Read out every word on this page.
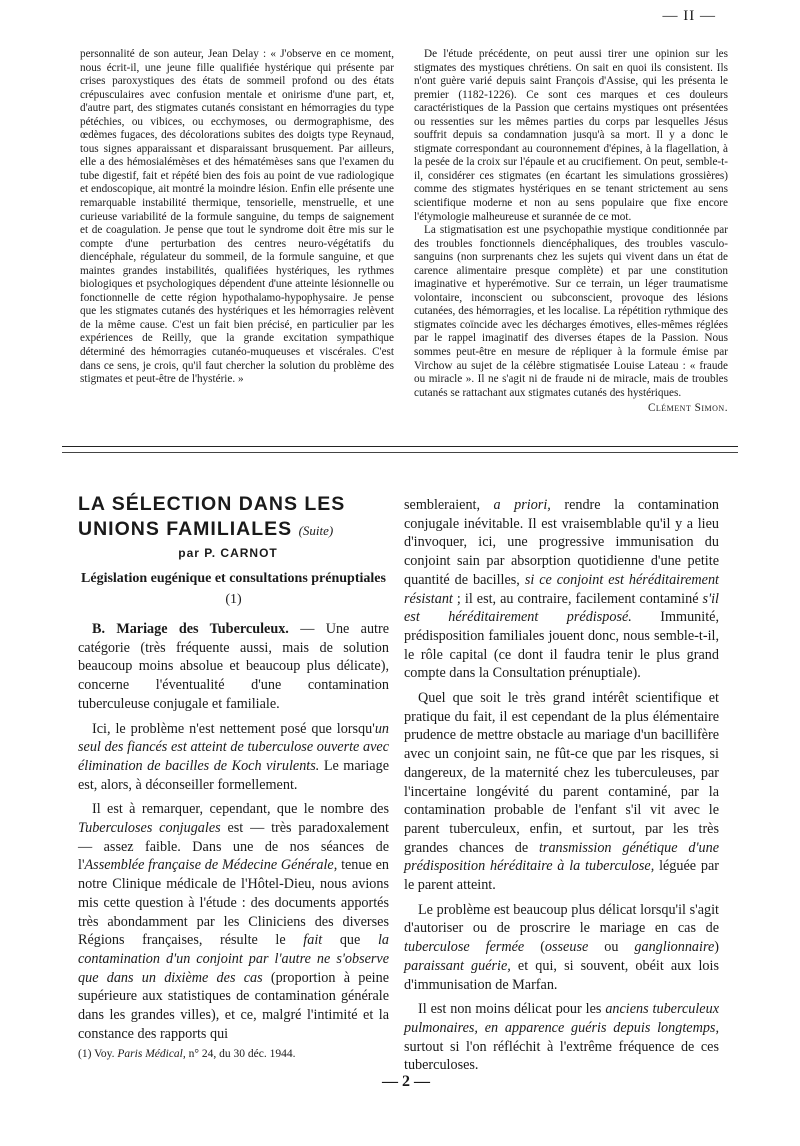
— II —

personnalité de son auteur, Jean Delay : « J'observe en ce moment, nous écrit-il, une jeune fille qualifiée hystérique qui présente par crises paroxystiques des états de sommeil profond ou des états crépusculaires avec confusion mentale et onirisme d'une part, et, d'autre part, des stigmates cutanés consistant en hémorragies du type pétéchies, ou vibices, ou ecchymoses, ou dermographisme, des œdèmes fugaces, des décolorations subites des doigts type Reynaud, tous signes apparaissant et disparaissant brusquement. Par ailleurs, elle a des hémosialémèses et des hématémèses sans que l'examen du tube digestif, fait et répété bien des fois au point de vue radiologique et endoscopique, ait montré la moindre lésion. Enfin elle présente une remarquable instabilité thermique, tensorielle, menstruelle, et une curieuse variabilité de la formule sanguine, du temps de saignement et de coagulation. Je pense que tout le syndrome doit être mis sur le compte d'une perturbation des centres neuro-végétatifs du diencéphale, régulateur du sommeil, de la formule sanguine, et que maintes grandes instabilités, qualifiées hystériques, les rythmes biologiques et psychologiques dépendent d'une atteinte lésionnelle ou fonctionnelle de cette région hypothalamo-hypophysaire. Je pense que les stigmates cutanés des hystériques et les hémorragies relèvent de la même cause. C'est un fait bien précisé, en particulier par les expériences de Reilly, que la grande excitation sympathique déterminé des hémorragies cutanéo-muqueuses et viscérales. C'est dans ce sens, je crois, qu'il faut chercher la solution du problème des stigmates et peut-être de l'hystérie. »

De l'étude précédente, on peut aussi tirer une opinion sur les stigmates des mystiques chrétiens. On sait en quoi ils consistent. Ils n'ont guère varié depuis saint François d'Assise, qui les présenta le premier (1182-1226). Ce sont ces marques et ces douleurs caractéristiques de la Passion que certains mystiques ont présentées ou ressenties sur les mêmes parties du corps par lesquelles Jésus souffrit depuis sa condamnation jusqu'à sa mort. Il y a donc le stigmate correspondant au couronnement d'épines, à la flagellation, à la pesée de la croix sur l'épaule et au crucifiement. On peut, semble-t-il, considérer ces stigmates (en écartant les simulations grossières) comme des stigmates hystériques en se tenant strictement au sens scientifique moderne et non au sens populaire que fixe encore l'étymologie malheureuse et surannée de ce mot.

La stigmatisation est une psychopathie mystique conditionnée par des troubles fonctionnels diencéphaliques, des troubles vasculo-sanguins (non surprenants chez les sujets qui vivent dans un état de carence alimentaire presque complète) et par une constitution imaginative et hyperémotive. Sur ce terrain, un léger traumatisme volontaire, inconscient ou subconscient, provoque des lésions cutanées, des hémorragies, et les localise. La répétition rythmique des stigmates coïncide avec les décharges émotives, elles-mêmes réglées par le rappel imaginatif des diverses étapes de la Passion. Nous sommes peut-être en mesure de répliquer à la formule émise par Virchow au sujet de la célèbre stigmatisée Louise Lateau : « fraude ou miracle ». Il ne s'agit ni de fraude ni de miracle, mais de troubles cutanés se rattachant aux stigmates cutanés des hystériques.

Clément Simon.
LA SÉLECTION DANS LES UNIONS FAMILIALES (Suite)
par P. CARNOT
Législation eugénique et consultations prénuptiales (1)

B. Mariage des Tuberculeux. — Une autre catégorie (très fréquente aussi, mais de solution beaucoup moins absolue et beaucoup plus délicate), concerne l'éventualité d'une contamination tuberculeuse conjugale et familiale.

Ici, le problème n'est nettement posé que lorsqu'un seul des fiancés est atteint de tuberculose ouverte avec élimination de bacilles de Koch virulents. Le mariage est, alors, à déconseiller formellement.

Il est à remarquer, cependant, que le nombre des Tuberculoses conjugales est — très paradoxalement — assez faible. Dans une de nos séances de l'Assemblée française de Médecine Générale, tenue en notre Clinique médicale de l'Hôtel-Dieu, nous avions mis cette question à l'étude : des documents apportés très abondamment par les Cliniciens des diverses Régions françaises, résulte le fait que la contamination d'un conjoint par l'autre ne s'observe que dans un dixième des cas (proportion à peine supérieure aux statistiques de contamination générale dans les grandes villes), et ce, malgré l'intimité et la constance des rapports qui

sembleraient, a priori, rendre la contamination conjugale inévitable. Il est vraisemblable qu'il y a lieu d'invoquer, ici, une progressive immunisation du conjoint sain par absorption quotidienne d'une petite quantité de bacilles, si ce conjoint est héréditairement résistant ; il est, au contraire, facilement contaminé s'il est héréditairement prédisposé. Immunité, prédisposition familiales jouent donc, nous semble-t-il, le rôle capital (ce dont il faudra tenir le plus grand compte dans la Consultation prénuptiale).

Quel que soit le très grand intérêt scientifique et pratique du fait, il est cependant de la plus élémentaire prudence de mettre obstacle au mariage d'un bacillifère avec un conjoint sain, ne fût-ce que par les risques, si dangereux, de la maternité chez les tuberculeuses, par l'incertaine longévité du parent contaminé, par la contamination probable de l'enfant s'il vit avec le parent tuberculeux, enfin, et surtout, par les très grandes chances de transmission génétique d'une prédisposition héréditaire à la tuberculose, léguée par le parent atteint.

Le problème est beaucoup plus délicat lorsqu'il s'agit d'autoriser ou de proscrire le mariage en cas de tuberculose fermée (osseuse ou ganglionnaire) paraissant guérie, et qui, si souvent, obéit aux lois d'immunisation de Marfan.

Il est non moins délicat pour les anciens tuberculeux pulmonaires, en apparence guéris depuis longtemps, surtout si l'on réfléchit à l'extrême fréquence de ces tuberculoses.

(1) Voy. Paris Médical, n° 24, du 30 déc. 1944.
— 2 —
